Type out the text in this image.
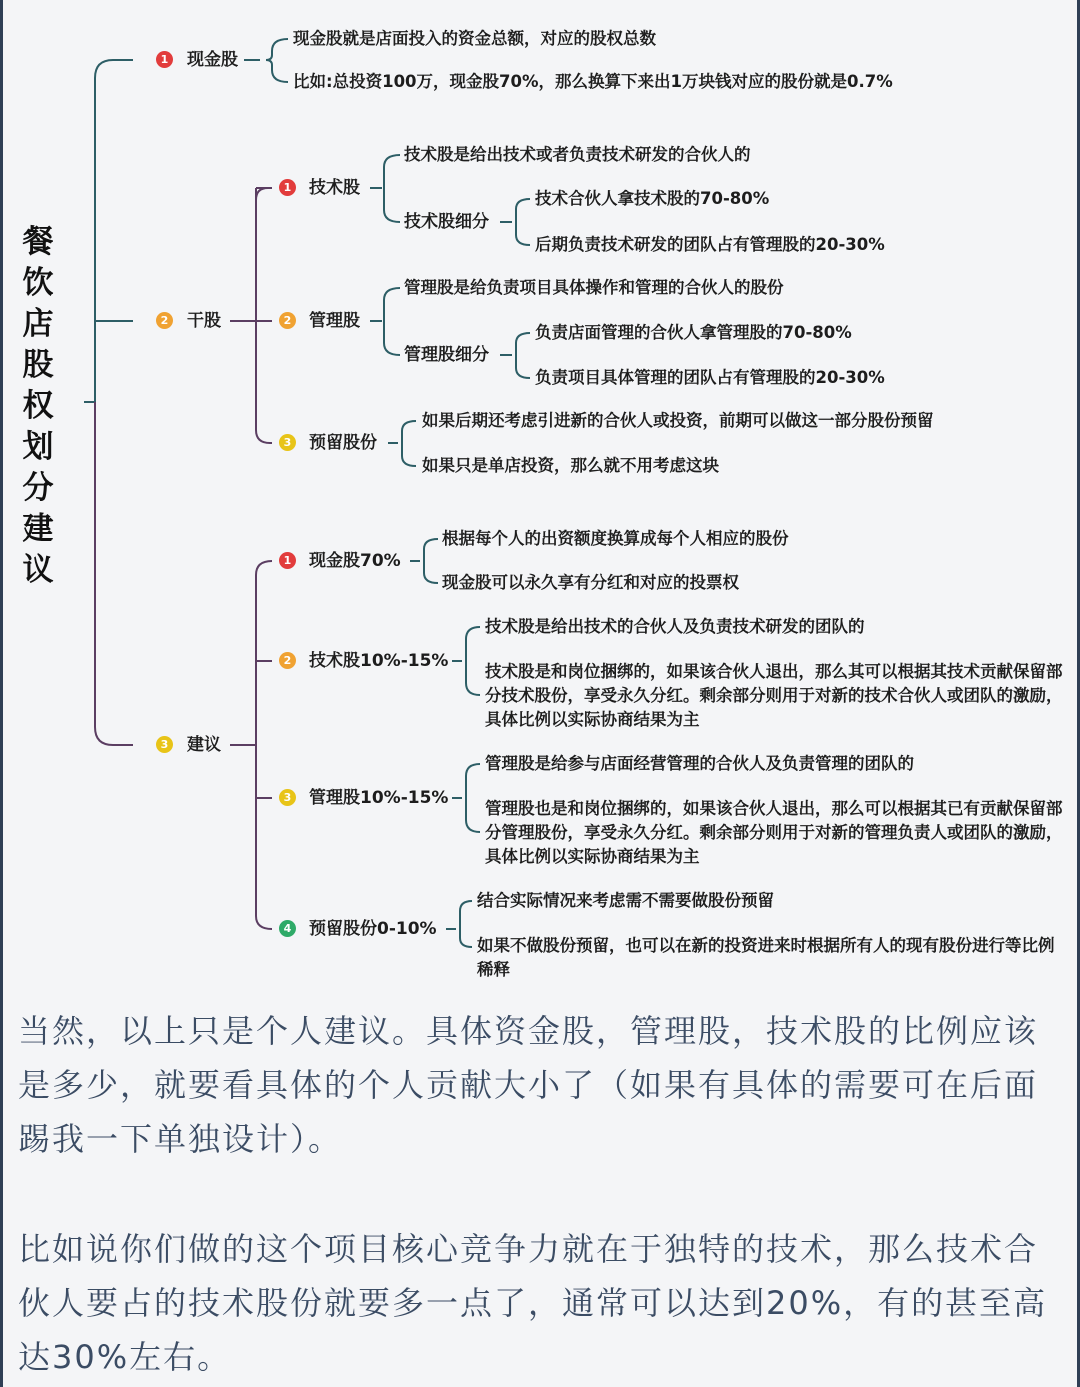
餐饮店股权划分建议
1 现金股
现金股就是店面投入的资金总额，对应的股权总数
比如:总投资100万，现金股70%，那么换算下来出1万块钱对应的股份就是0.7%
2 干股
1 技术股
技术股是给出技术或者负责技术研发的合伙人的
技术股细分
技术合伙人拿技术股的70-80%
后期负责技术研发的团队占有管理股的20-30%
2 管理股
管理股是给负责项目具体操作和管理的合伙人的股份
管理股细分
负责店面管理的合伙人拿管理股的70-80%
负责项目具体管理的团队占有管理股的20-30%
3 预留股份
如果后期还考虑引进新的合伙人或投资，前期可以做这一部分股份预留
如果只是单店投资，那么就不用考虑这块
3 建议
1 现金股70%
根据每个人的出资额度换算成每个人相应的股份
现金股可以永久享有分红和对应的投票权
2 技术股10%-15%
技术股是给出技术的合伙人及负责技术研发的团队的
技术股是和岗位捆绑的，如果该合伙人退出，那么其可以根据其技术贡献保留部分技术股份，享受永久分红。剩余部分则用于对新的技术合伙人或团队的激励，具体比例以实际协商结果为主
3 管理股10%-15%
管理股是给参与店面经营管理的合伙人及负责管理的团队的
管理股也是和岗位捆绑的，如果该合伙人退出，那么可以根据其已有贡献保留部分管理股份，享受永久分红。剩余部分则用于对新的管理负责人或团队的激励，具体比例以实际协商结果为主
4 预留股份0-10%
结合实际情况来考虑需不需要做股份预留
如果不做股份预留，也可以在新的投资进来时根据所有人的现有股份进行等比例稀释
当然，以上只是个人建议。具体资金股，管理股，技术股的比例应该是多少，就要看具体的个人贡献大小了（如果有具体的需要可在后面踢我一下单独设计）。
比如说你们做的这个项目核心竞争力就在于独特的技术，那么技术合伙人要占的技术股份就要多一点了，通常可以达到20%，有的甚至高达30%左右。
